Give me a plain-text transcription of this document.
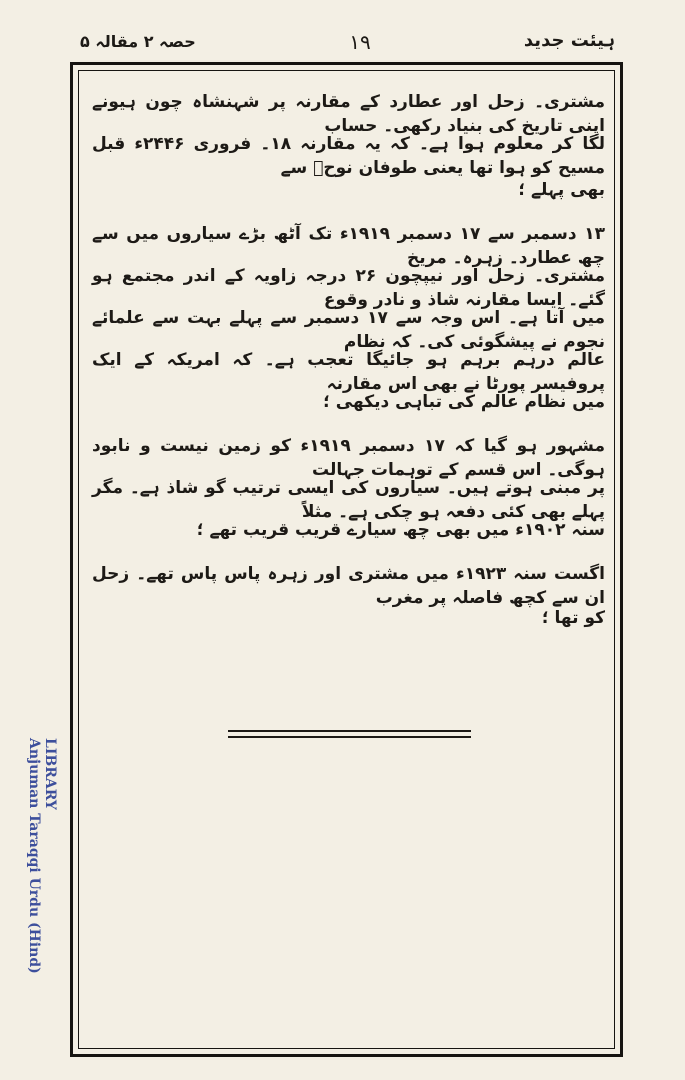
ہیئت جدید
۱۹
حصہ ۲ مقالہ ۵
مشتری۔ زحل اور عطارد کے مقارنہ پر شہنشاہ چون ہیونے اپنی تاریخ کی بنیاد رکھی۔ حساب
لگا کر معلوم ہوا ہے۔ کہ یہ مقارنہ ۱۸۔ فروری ۲۴۴۶ء قبل مسیح کو ہوا تھا یعنی طوفان نوحؑ سے
بھی پہلے ؛
۱۳ دسمبر سے ۱۷ دسمبر ۱۹۱۹ء تک آٹھ بڑے سیاروں میں سے چھ عطارد۔ زہرہ۔ مریخ
مشتری۔ زحل اور نیپچون ۲۶ درجہ زاویہ کے اندر مجتمع ہو گئے۔ ایسا مقارنہ شاذ و نادر وقوع
میں آتا ہے۔ اس وجہ سے ۱۷ دسمبر سے پہلے بہت سے علمائے نجوم نے پیشگوئی کی۔ کہ نظام
عالم درہم برہم ہو جائیگا تعجب ہے۔ کہ امریکہ کے ایک پروفیسر پورٹا نے بھی اس مقارنہ
میں نظام عالم کی تباہی دیکھی ؛
مشہور ہو گیا کہ ۱۷ دسمبر ۱۹۱۹ء کو زمین نیست و نابود ہوگی۔ اس قسم کے توہمات جہالت
پر مبنی ہوتے ہیں۔ سیاروں کی ایسی ترتیب گو شاذ ہے۔ مگر پہلے بھی کئی دفعہ ہو چکی ہے۔ مثلاً
سنہ ۱۹۰۲ء میں بھی چھ سیارے قریب قریب تھے ؛
اگست سنہ ۱۹۲۳ء میں مشتری اور زہرہ پاس پاس تھے۔ زحل ان سے کچھ فاصلہ پر مغرب
کو تھا ؛
LIBRARY
Anjuman Taraqqi Urdu (Hind)
